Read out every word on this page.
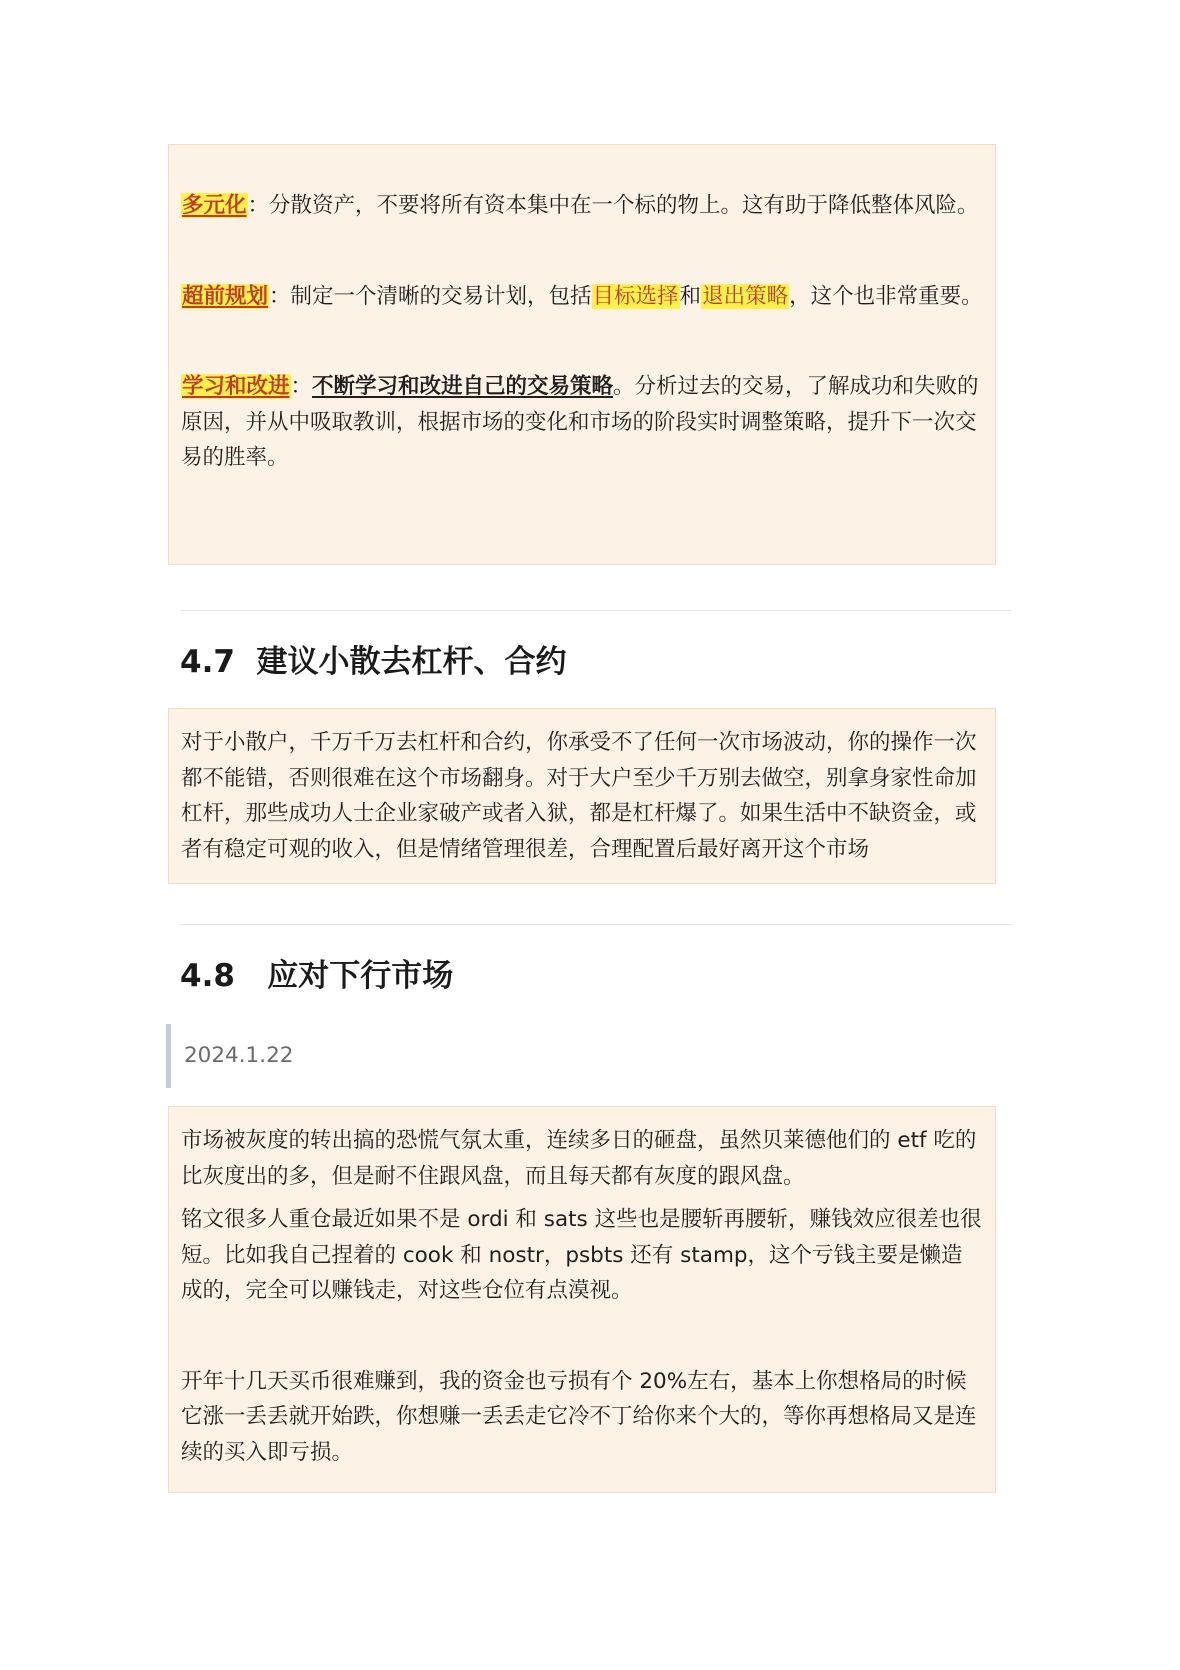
多元化：分散资产，不要将所有资本集中在一个标的物上。这有助于降低整体风险。

超前规划：制定一个清晰的交易计划，包括目标选择和退出策略，这个也非常重要。

学习和改进：不断学习和改进自己的交易策略。分析过去的交易，了解成功和失败的原因，并从中吸取教训，根据市场的变化和市场的阶段实时调整策略，提升下一次交易的胜率。

4.7  建议小散去杠杆、合约

对于小散户，千万千万去杠杆和合约，你承受不了任何一次市场波动，你的操作一次都不能错，否则很难在这个市场翻身。对于大户至少千万别去做空，别拿身家性命加杠杆，那些成功人士企业家破产或者入狱，都是杠杆爆了。如果生活中不缺资金，或者有稳定可观的收入，但是情绪管理很差，合理配置后最好离开这个市场

4.8   应对下行市场
2024.1.22

市场被灰度的转出搞的恐慌气氛太重，连续多日的砸盘，虽然贝莱德他们的 etf 吃的比灰度出的多，但是耐不住跟风盘，而且每天都有灰度的跟风盘。

铭文很多人重仓最近如果不是 ordi 和 sats 这些也是腰斩再腰斩，赚钱效应很差也很短。比如我自己捏着的 cook 和 nostr，psbts 还有 stamp，这个亏钱主要是懒造成的，完全可以赚钱走，对这些仓位有点漠视。

开年十几天买币很难赚到，我的资金也亏损有个 20%左右，基本上你想格局的时候它涨一丢丢就开始跌，你想赚一丢丢走它冷不丁给你来个大的，等你再想格局又是连续的买入即亏损。
